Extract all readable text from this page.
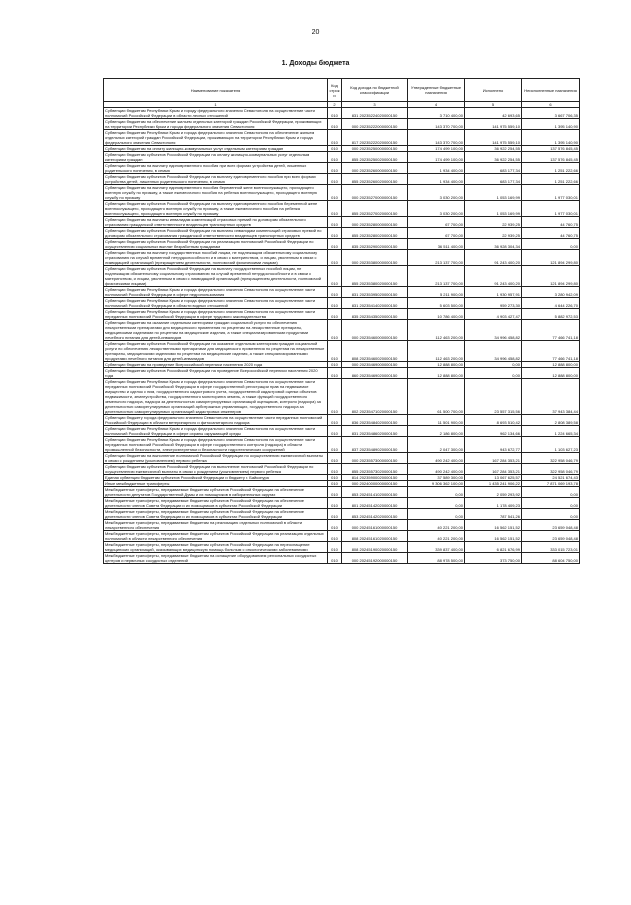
20
1. Доходы бюджета
Наименование показателя	Код строки	Код дохода по бюджетной классификации	Утвержденные бюджетные назначения	Исполнено	Неисполненные назначения
1	2	3	4	5	6
Субвенции бюджетам Республики Крым и городу федерального значения Севастополя на осуществление части полномочий Российской Федерации в области лесных отношений	010	831 20235224020000150	3 710 400,00	42 693,65	3 667 706,35
Субвенции бюджетам на обеспечение жильем отдельных категорий граждан Российской Федерации, проживающих на территории Республики Крым и города федерального значения Севастополя	010	000 20235222000000150	143 370 700,00	141 975 559,10	1 395 140,90
Субвенции бюджетам Республики Крым и города федерального значения Севастополя на обеспечение жильем отдельных категорий граждан Российской Федерации, проживающих на территории Республики Крым и города федерального значения Севастополя	010	817 20235222020000150	143 370 700,00	141 975 559,10	1 395 140,90
Субвенции бюджетам на оплату жилищно-коммунальных услуг отдельным категориям граждан	010	000 20235250000000150	174 499 100,00	36 922 254,55	137 576 845,45
Субвенции бюджетам субъектов Российской Федерации на оплату жилищно-коммунальных услуг отдельным категориям граждан	010	855 20235250020000150	174 499 100,00	36 922 254,55	137 576 845,45
Субвенции бюджетам на выплату единовременного пособия при всех формах устройства детей, лишенных родительского попечения, в семью	010	000 20235260000000150	1 934 400,00	683 177,34	1 251 222,66
Субвенции бюджетам субъектов Российской Федерации на выплату единовременного пособия при всех формах устройства детей, лишенных родительского попечения, в семью	010	855 20235260020000150	1 934 400,00	683 177,34	1 251 222,66
Субвенции бюджетам на выплату единовременного пособия беременной жене военнослужащего, проходящего военную службу по призыву, а также ежемесячного пособия на ребенка военнослужащего, проходящего военную службу по призыву	010	000 20235270000000150	3 030 200,00	1 053 169,99	1 977 030,01
Субвенции бюджетам субъектов Российской Федерации на выплату единовременного пособия беременной жене военнослужащего, проходящего военную службу по призыву, а также ежемесячного пособия на ребенка военнослужащего, проходящего военную службу по призыву	010	855 20235270020000150	3 030 200,00	1 053 169,99	1 977 030,01
Субвенции бюджетам на выплаты инвалидам компенсаций страховых премий по договорам обязательного страхования гражданской ответственности владельцев транспортных средств	010	000 20235280000000150	67 700,00	22 939,25	44 760,75
Субвенции бюджетам субъектов Российской Федерации на выплаты инвалидам компенсаций страховых премий по договорам обязательного страхования гражданской ответственности владельцев транспортных средств	010	855 20235280020000150	67 700,00	22 939,25	44 760,75
Субвенции бюджетам субъектов Российской Федерации на реализацию полномочий Российской Федерации по осуществлению социальных выплат безработным гражданам	010	835 20235290020000150	36 511 400,00	36 928 304,34	0,00
Субвенции бюджетам на выплату государственных пособий лицам, не подлежащим обязательному социальному страхованию на случай временной нетрудоспособности и в связи с материнством, и лицам, уволенным в связи с ликвидацией организаций (прекращением деятельности, полномочий физическими лицами)	010	000 20235380000000150	213 137 700,00	91 243 400,20	121 894 299,80
Субвенции бюджетам субъектов Российской Федерации на выплату государственных пособий лицам, не подлежащим обязательному социальному страхованию на случай временной нетрудоспособности и в связи с материнством, и лицам, уволенным в связи с ликвидацией организаций (прекращением деятельности, полномочий физическими лицами)	010	855 20235380020000150	213 137 700,00	91 243 400,20	121 894 299,80
Субвенции бюджетам Республики Крым и города федерального значения Севастополя на осуществление части полномочий Российской Федерации в сфере недропользования	010	831 20235395020000150	5 211 900,00	1 930 957,91	3 280 942,09
Субвенции бюджетам Республики Крым и города федерального значения Севастополя на осуществление части полномочий Российской Федерации в области водных отношений	010	831 20235414020000150	5 603 500,00	959 273,30	4 644 226,70
Субвенции бюджетам Республики Крым и города федерального значения Севастополя на осуществление части переданных полномочий Российской Федерации в сфере трудового законодательства	010	835 20235435020000150	10 786 400,00	4 903 427,47	5 882 972,53
Субвенции бюджетам на оказание отдельным категориям граждан социальной услуги по обеспечению лекарственными препаратами для медицинского применения по рецептам на лекарственные препараты, медицинскими изделиями по рецептам на медицинские изделия, а также специализированными продуктами лечебного питания для детей-инвалидов	010	000 20235460000000150	112 463 200,00	34 996 458,82	77 466 741,18
Субвенции бюджетам субъектов Российской Федерации на оказание отдельным категориям граждан социальной услуги по обеспечению лекарственными препаратами для медицинского применения по рецептам на лекарственные препараты, медицинскими изделиями по рецептам на медицинские изделия, а также специализированными продуктами лечебного питания для детей-инвалидов	010	808 20235460020000150	112 463 200,00	34 996 458,82	77 466 741,18
Субвенции бюджетам на проведение Всероссийской переписи населения 2020 года	010	000 20235469000000150	12 888 800,00	0,00	12 888 800,00
Субвенции бюджетам субъектов Российской Федерации на проведение Всероссийской переписи населения 2020 года	010	860 20235469020000150	12 888 800,00	0,00	12 888 800,00
Субвенции бюджетам Республики Крым и города федерального значения Севастополя на осуществление части переданных полномочий Российской Федерации в сфере государственной регистрации прав на недвижимое имущество и сделок с ним, государственного кадастрового учета, государственной кадастровой оценки объектов недвижимости, землеустройства, государственного мониторинга земель, а также функций государственного земельного надзора, надзора за деятельностью саморегулируемых организаций оценщиков, контроля (надзора) за деятельностью саморегулируемых организаций арбитражных управляющих, государственного надзора за деятельностью саморегулируемых организаций кадастровых инженеров	010	802 20235471020000150	61 500 700,00	23 557 315,56	37 943 384,44
Субвенции бюджету города федерального значения Севастополя на осуществление части переданных полномочий Российской Федерации в области ветеринарного и фитосанитарного надзора	010	836 20235484020000150	11 501 900,00	8 693 510,42	2 808 389,58
Субвенции бюджетам Республики Крым и города федерального значения Севастополя на осуществление части полномочий Российской Федерации в сфере охраны окружающей среды	010	831 20235486020000150	2 186 800,00	962 134,66	1 224 665,34
Субвенции бюджетам Республики Крым и города федерального значения Севастополя на осуществление части переданных полномочий Российской Федерации в сфере государственного контроля (надзора) в области промышленной безопасности, электроэнергетики и безопасности гидротехнических сооружений	010	837 20235489020000150	2 047 300,00	943 672,77	1 103 627,23
Субвенции бюджетам на выполнение полномочий Российской Федерации по осуществлению ежемесячной выплаты в связи с рождением (усыновлением) первого ребенка	010	000 20235573000000150	490 242 400,00	167 284 353,21	322 958 046,79
Субвенции бюджетам субъектов Российской Федерации на выполнение полномочий Российской Федерации по осуществлению ежемесячной выплаты в связи с рождением (усыновлением) первого ребенка	010	855 20235573020000150	490 242 400,00	167 284 353,21	322 958 046,79
Единая субвенция бюджетам субъектов Российской Федерации и бюджету г. Байконура	010	814 20235900020000150	37 589 300,00	13 067 625,57	24 521 674,43
Иные межбюджетные трансферты	010	000 20240000000000150	9 306 362 100,00	1 435 241 906,22	7 871 069 193,78
Межбюджетные трансферты, передаваемые бюджетам субъектов Российской Федерации на обеспечение деятельности депутатов Государственной Думы и их помощников в избирательных округах	010	853 20245141020000150	0,00	2 059 293,92	0,00
Межбюджетные трансферты, передаваемые бюджетам субъектов Российской Федерации на обеспечение деятельности членов Совета Федерации и их помощников в субъектах Российской Федерации	010	801 20245142020000150	0,00	1 178 409,23	0,00
Межбюджетные трансферты, передаваемые бюджетам субъектов Российской Федерации на обеспечение деятельности членов Совета Федерации и их помощников в субъектах Российской Федерации	010	853 20245142020000150	0,00	787 541,26	0,00
Межбюджетные трансферты, передаваемые бюджетам на реализацию отдельных полномочий в области лекарственного обеспечения	010	000 20245161000000150	40 221 200,00	16 562 151,52	23 659 048,48
Межбюджетные трансферты, передаваемые бюджетам субъектов Российской Федерации на реализацию отдельных полномочий в области лекарственного обеспечения	010	808 20245161020000150	40 221 200,00	16 562 151,52	23 659 048,48
Межбюджетные трансферты, передаваемые бюджетам субъектов Российской Федерации на переоснащение медицинских организаций, оказывающих медицинскую помощь больным с онкологическими заболеваниями	010	808 20245190020000150	339 837 400,00	6 821 676,99	333 015 723,01
Межбюджетные трансферты, передаваемые бюджетам на оснащение оборудованием региональных сосудистых центров и первичных сосудистых отделений	010	000 20245192000000150	88 978 500,00	373 750,00	88 604 750,00
